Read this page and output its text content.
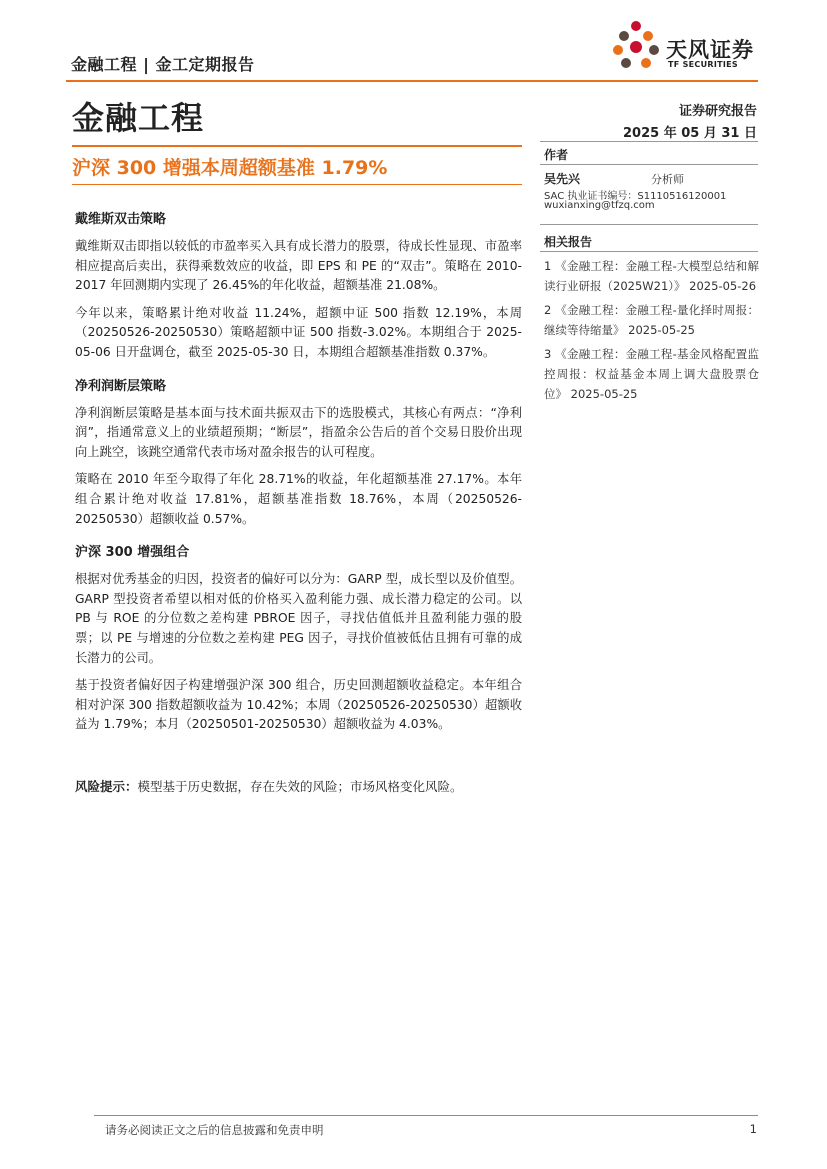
金融工程 | 金工定期报告
天风证券
TF SECURITIES
金融工程
沪深 300 增强本周超额基准 1.79%
证券研究报告
2025 年 05 月 31 日
作者
吴先兴	分析师
SAC 执业证书编号：S1110516120001
wuxianxing@tfzq.com
相关报告
1 《金融工程：金融工程-大模型总结和解读行业研报（2025W21）》 2025-05-26
2 《金融工程：金融工程-量化择时周报：继续等待缩量》 2025-05-25
3 《金融工程：金融工程-基金风格配置监控周报：权益基金本周上调大盘股票仓位》 2025-05-25
戴维斯双击策略

戴维斯双击即指以较低的市盈率买入具有成长潜力的股票，待成长性显现、市盈率相应提高后卖出，获得乘数效应的收益，即 EPS 和 PE 的“双击”。策略在 2010-2017 年回测期内实现了 26.45%的年化收益，超额基准 21.08%。

今年以来，策略累计绝对收益 11.24%，超额中证 500 指数 12.19%，本周（20250526-20250530）策略超额中证 500 指数-3.02%。本期组合于 2025-05-06 日开盘调仓，截至 2025-05-30 日，本期组合超额基准指数 0.37%。

净利润断层策略

净利润断层策略是基本面与技术面共振双击下的选股模式，其核心有两点：“净利润”，指通常意义上的业绩超预期；“断层”，指盈余公告后的首个交易日股价出现向上跳空，该跳空通常代表市场对盈余报告的认可程度。

策略在 2010 年至今取得了年化 28.71%的收益，年化超额基准 27.17%。本年组合累计绝对收益 17.81%，超额基准指数 18.76%，本周（20250526-20250530）超额收益 0.57%。

沪深 300 增强组合

根据对优秀基金的归因，投资者的偏好可以分为：GARP 型，成长型以及价值型。GARP 型投资者希望以相对低的价格买入盈利能力强、成长潜力稳定的公司。以 PB 与 ROE 的分位数之差构建 PBROE 因子，寻找估值低并且盈利能力强的股票；以 PE 与增速的分位数之差构建 PEG 因子，寻找价值被低估且拥有可靠的成长潜力的公司。

基于投资者偏好因子构建增强沪深 300 组合，历史回测超额收益稳定。本年组合相对沪深 300 指数超额收益为 10.42%；本周（20250526-20250530）超额收益为 1.79%；本月（20250501-20250530）超额收益为 4.03%。

风险提示：模型基于历史数据，存在失效的风险；市场风格变化风险。
请务必阅读正文之后的信息披露和免责申明	1
